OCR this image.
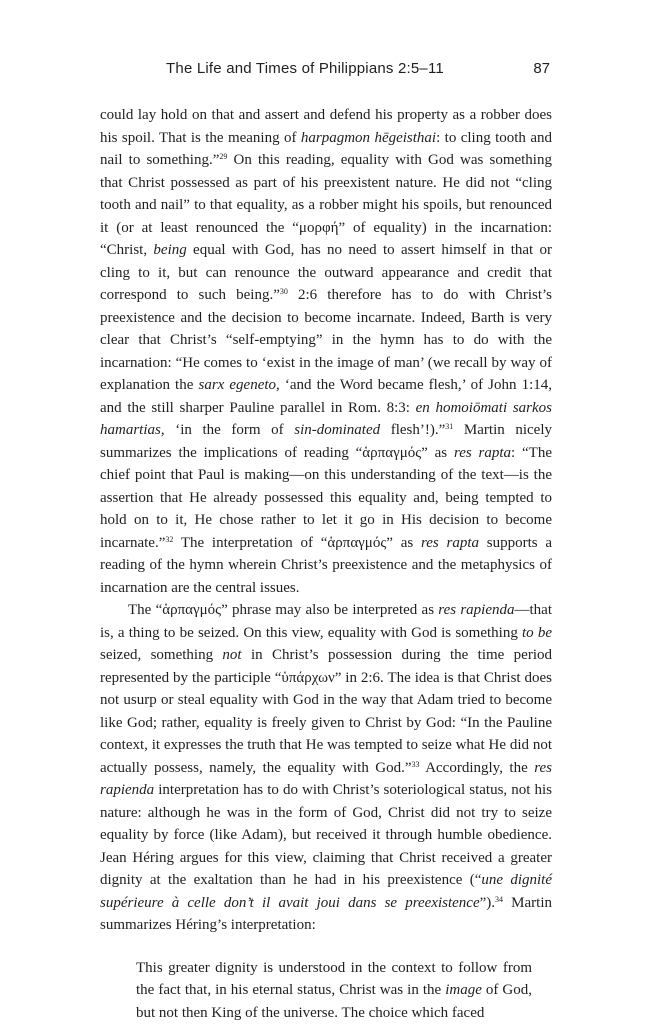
The Life and Times of Philippians 2:5–11	87

could lay hold on that and assert and defend his property as a robber does his spoil. That is the meaning of harpagmon hēgeisthai: to cling tooth and nail to something.”$^{29}$ On this reading, equality with God was something that Christ possessed as part of his preexistent nature. He did not “cling tooth and nail” to that equality, as a robber might his spoils, but renounced it (or at least renounced the “μορφή” of equality) in the incarnation: “Christ, being equal with God, has no need to assert himself in that or cling to it, but can renounce the outward appearance and credit that correspond to such being.”$^{30}$ 2:6 therefore has to do with Christ’s preexistence and the decision to become incarnate. Indeed, Barth is very clear that Christ’s “self-emptying” in the hymn has to do with the incarnation: “He comes to ‘exist in the image of man’ (we recall by way of explanation the sarx egeneto, ‘and the Word became flesh,’ of John 1:14, and the still sharper Pauline parallel in Rom. 8:3: en homoiōmati sarkos hamartias, ‘in the form of sin-dominated flesh’!).”$^{31}$ Martin nicely summarizes the implications of reading “ἁρπαγμός” as res rapta: “The chief point that Paul is making—on this understanding of the text—is the assertion that He already possessed this equality and, being tempted to hold on to it, He chose rather to let it go in His decision to become incarnate.”$^{32}$ The interpretation of “ἁρπαγμός” as res rapta supports a reading of the hymn wherein Christ’s preexistence and the metaphysics of incarnation are the central issues.

The “ἁρπαγμός” phrase may also be interpreted as res rapienda—that is, a thing to be seized. On this view, equality with God is something to be seized, something not in Christ’s possession during the time period represented by the participle “ὑπάρχων” in 2:6. The idea is that Christ does not usurp or steal equality with God in the way that Adam tried to become like God; rather, equality is freely given to Christ by God: “In the Pauline context, it expresses the truth that He was tempted to seize what He did not actually possess, namely, the equality with God.”$^{33}$ Accordingly, the res rapienda interpretation has to do with Christ’s soteriological status, not his nature: although he was in the form of God, Christ did not try to seize equality by force (like Adam), but received it through humble obedience. Jean Héring argues for this view, claiming that Christ received a greater dignity at the exaltation than he had in his preexistence (“une dignité supérieure à celle don’t il avait joui dans se preexistence”).$^{34}$ Martin summarizes Héring’s interpretation:

This greater dignity is understood in the context to follow from the fact that, in his eternal status, Christ was in the image of God, but not then King of the universe. The choice which faced
